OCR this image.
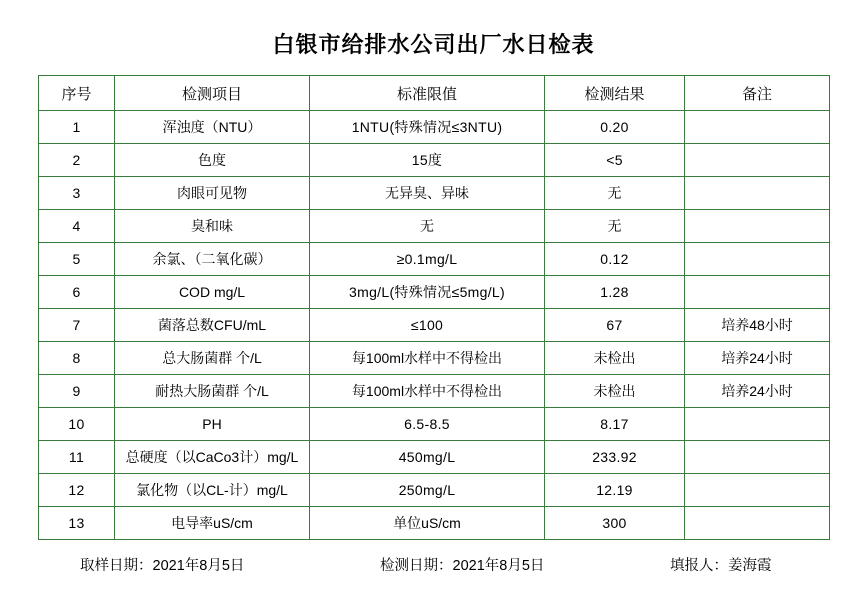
白银市给排水公司出厂水日检表
序号	检测项目	标准限值	检测结果	备注
1	浑浊度（NTU）	1NTU(特殊情况≤3NTU)	0.20	
2	色度	15度	<5	
3	肉眼可见物	无异臭、异味	无	
4	臭和味	无	无	
5	余氯、（二氧化碳）	≥0.1mg/L	0.12	
6	COD mg/L	3mg/L(特殊情况≤5mg/L)	1.28	
7	菌落总数CFU/mL	≤100	67	培养48小时
8	总大肠菌群 个/L	每100ml水样中不得检出	未检出	培养24小时
9	耐热大肠菌群 个/L	每100ml水样中不得检出	未检出	培养24小时
10	PH	6.5-8.5	8.17	
11	总硬度（以CaCo3计）mg/L	450mg/L	233.92	
12	氯化物（以CL-计）mg/L	250mg/L	12.19	
13	电导率uS/cm	单位uS/cm	300	
取样日期：2021年8月5日	检测日期：2021年8月5日	填报人：姜海霞
